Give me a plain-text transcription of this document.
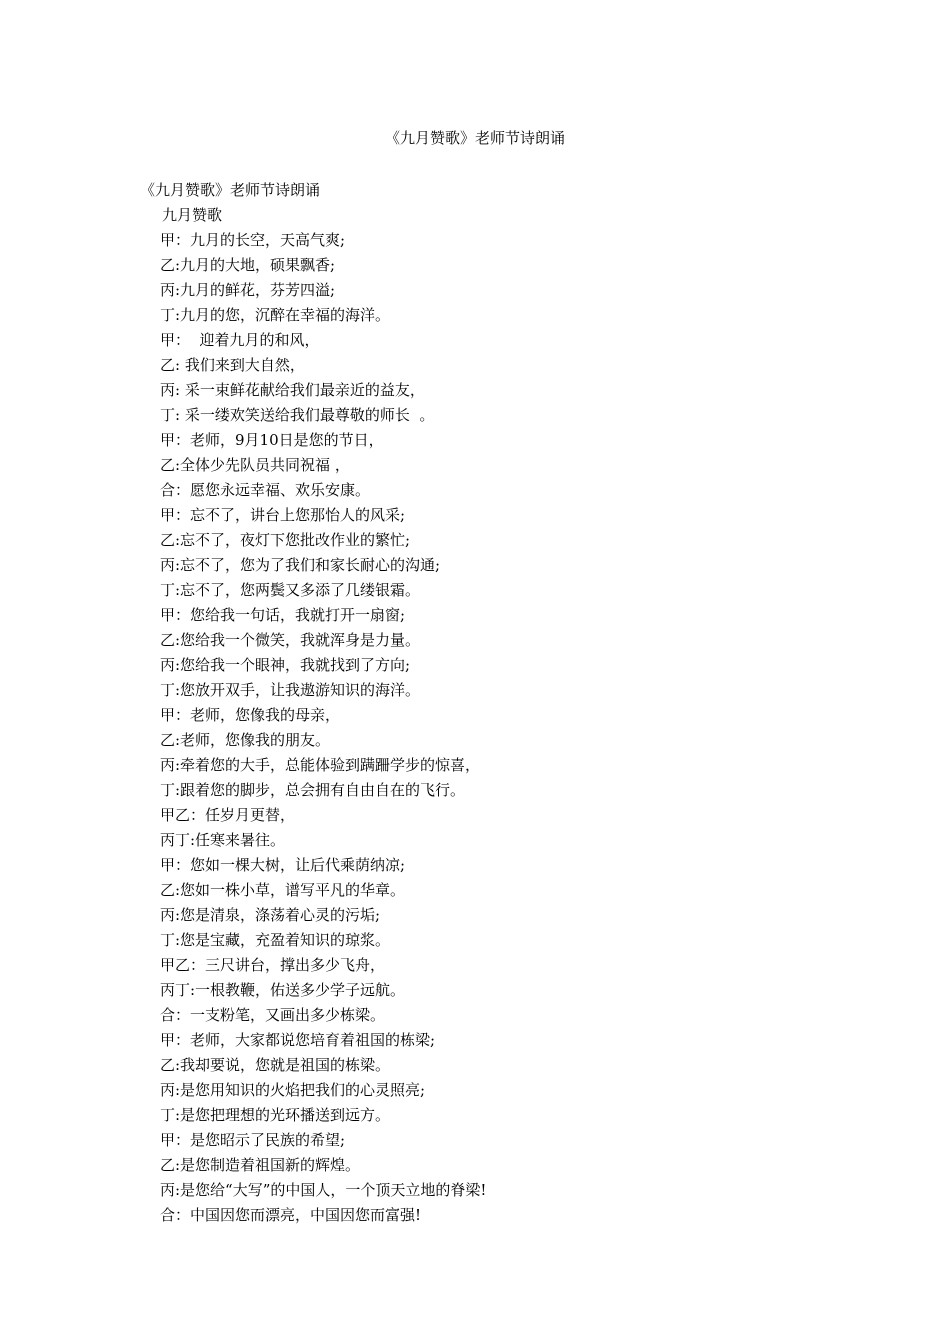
《九月赞歌》老师节诗朗诵
《九月赞歌》老师节诗朗诵
九月赞歌
甲：九月的长空，天高气爽;
乙:九月的大地，硕果飘香;
丙:九月的鲜花，芬芳四溢;
丁:九月的您，沉醉在幸福的海洋。
甲：  迎着九月的和风，
乙: 我们来到大自然，
丙: 采一束鲜花献给我们最亲近的益友，
丁: 采一缕欢笑送给我们最尊敬的师长  。
甲：老师，9月10日是您的节日，
乙:全体少先队员共同祝福 ，
合：愿您永远幸福、欢乐安康。
甲：忘不了，讲台上您那怡人的风采;
乙:忘不了，夜灯下您批改作业的繁忙;
丙:忘不了，您为了我们和家长耐心的沟通;
丁:忘不了，您两鬓又多添了几缕银霜。
甲：您给我一句话，我就打开一扇窗;
乙:您给我一个微笑，我就浑身是力量。
丙:您给我一个眼神，我就找到了方向;
丁:您放开双手，让我遨游知识的海洋。
甲：老师，您像我的母亲，
乙:老师，您像我的朋友。
丙:牵着您的大手，总能体验到蹒跚学步的惊喜，
丁:跟着您的脚步，总会拥有自由自在的飞行。
甲乙：任岁月更替，
丙丁:任寒来暑往。
甲：您如一棵大树，让后代乘荫纳凉;
乙:您如一株小草，谱写平凡的华章。
丙:您是清泉，涤荡着心灵的污垢;
丁:您是宝藏，充盈着知识的琼浆。
甲乙：三尺讲台，撑出多少飞舟，
丙丁:一根教鞭，佑送多少学子远航。
合：一支粉笔，又画出多少栋梁。
甲：老师，大家都说您培育着祖国的栋梁;
乙:我却要说，您就是祖国的栋梁。
丙:是您用知识的火焰把我们的心灵照亮;
丁:是您把理想的光环播送到远方。
甲：是您昭示了民族的希望;
乙:是您制造着祖国新的辉煌。
丙:是您给“大写”的中国人，一个顶天立地的脊梁!
合：中国因您而漂亮，中国因您而富强!
